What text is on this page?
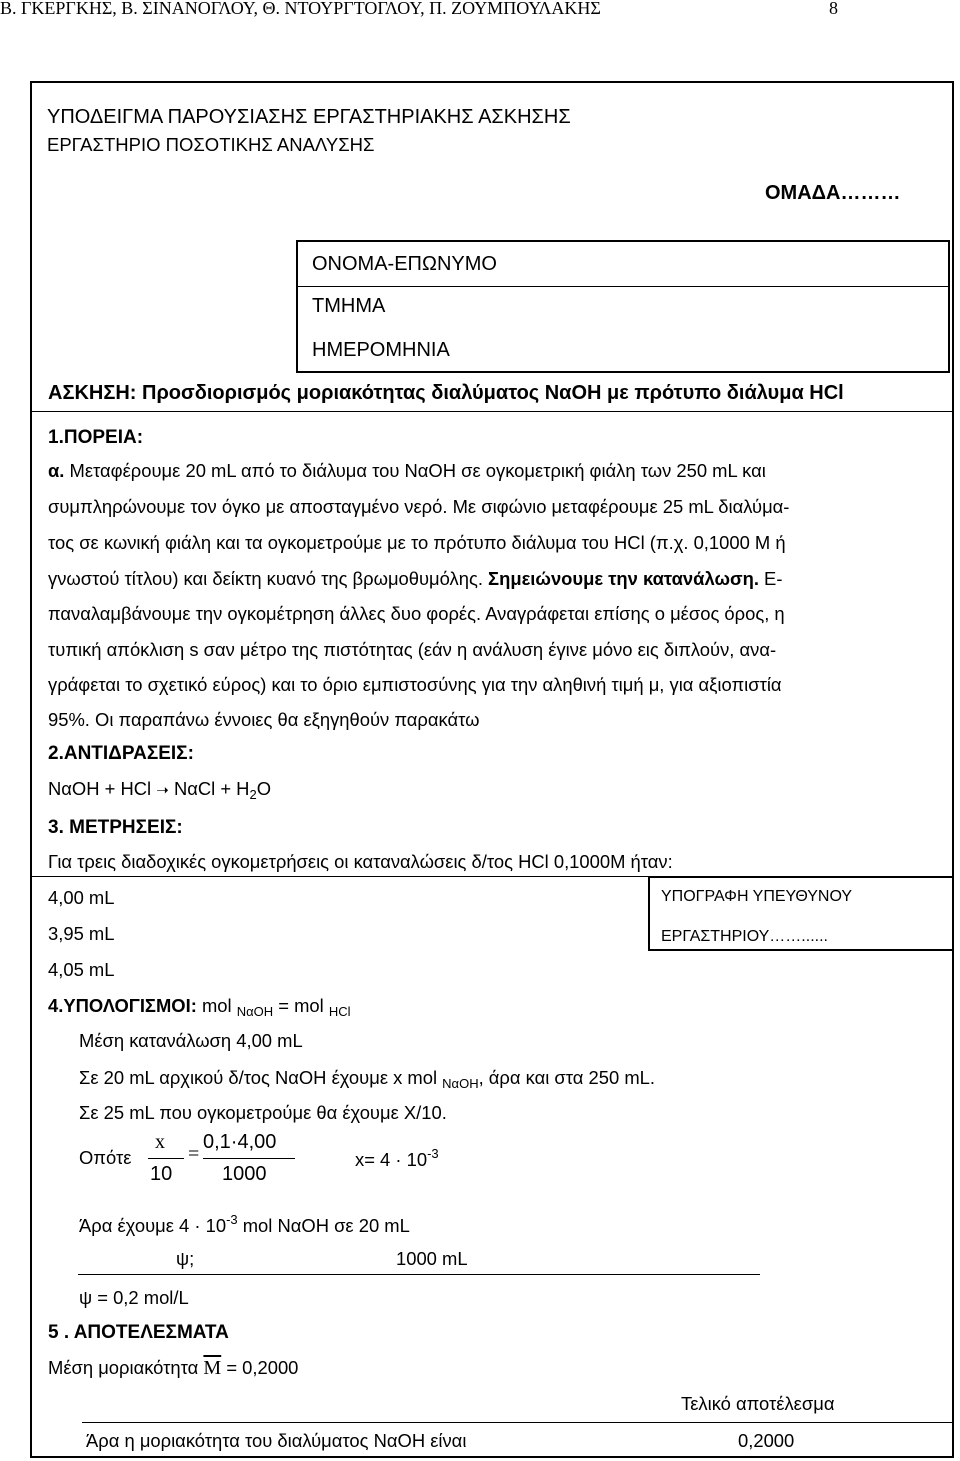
Β. ΓΚΕΡΓΚΗΣ, Β. ΣΙΝΑΝΟΓΛΟΥ, Θ. ΝΤΟΥΡΓΤΟΓΛΟΥ, Π. ΖΟΥΜΠΟΥΛΑΚΗΣ	8
ΥΠΟΔΕΙΓΜΑ ΠΑΡΟΥΣΙΑΣΗΣ ΕΡΓΑΣΤΗΡΙΑΚΗΣ ΑΣΚΗΣΗΣ
ΕΡΓΑΣΤΗΡΙΟ ΠΟΣΟΤΙΚΗΣ ΑΝΑΛΥΣΗΣ
ΟΜΑΔΑ………
ΟΝΟΜΑ-ΕΠΩΝΥΜΟ
ΤΜΗΜΑ
ΗΜΕΡΟΜΗΝΙΑ
ΑΣΚΗΣΗ: Προσδιορισμός μοριακότητας διαλύματος ΝαΟΗ με πρότυπο διάλυμα HCl
1.ΠΟΡΕΙΑ:
α. Μεταφέρουμε 20 mL από το διάλυμα του ΝαΟΗ σε ογκομετρική φιάλη των 250 mL και
συμπληρώνουμε τον όγκο με αποσταγμένο νερό. Με σιφώνιο μεταφέρουμε 25 mL διαλύμα-
τος σε κωνική φιάλη και τα ογκομετρούμε με το πρότυπο διάλυμα του HCl (π.χ. 0,1000 Μ ή
γνωστού τίτλου) και δείκτη κυανό της βρωμοθυμόλης. Σημειώνουμε την κατανάλωση. Ε-
παναλαμβάνουμε την ογκομέτρηση άλλες δυο φορές. Αναγράφεται επίσης ο μέσος όρος, η
τυπική απόκλιση s σαν μέτρο της πιστότητας (εάν η ανάλυση έγινε μόνο εις διπλούν, ανα-
γράφεται το σχετικό εύρος) και το όριο εμπιστοσύνης για την αληθινή τιμή μ, για αξιοπιστία
95%. Οι παραπάνω έννοιες θα εξηγηθούν παρακάτω
2.ΑΝΤΙΔΡΑΣΕΙΣ:
ΝαΟΗ + HCl ➝ $N\alpha Cl + H_2O$
3. ΜΕΤΡΗΣΕΙΣ:
Για τρεις διαδοχικές ογκομετρήσεις οι καταναλώσεις δ/τος HCl 0,1000M ήταν:
4,00 mL
3,95 mL
4,05 mL
ΥΠΟΓΡΑΦΗ ΥΠΕΥΘΥΝΟΥ
ΕΡΓΑΣΤΗΡΙΟΥ……......
4.ΥΠΟΛΟΓΙΣΜΟΙ: mol $_{N\alpha OH}$ = mol $_{HCl}$
Μέση κατανάλωση 4,00 mL
Σε 20 mL αρχικού δ/τος ΝαΟΗ έχουμε x mol $_{N\alpha OH}$, άρα και στα 250 mL.
Σε 25 mL που ογκομετρούμε θα έχουμε Χ/10.
Οπότε
x
10
=
0,1·4,00
1000
$x= 4 \cdot 10^{-3}$
Άρα έχουμε $4 \cdot 10^{-3}$ mol ΝαΟΗ σε 20 mL
ψ;	1000 mL
ψ = 0,2 mol/L
5 . ΑΠΟΤΕΛΕΣΜΑΤΑ
Μέση μοριακότητα $\overline{M} = 0,2000$
Τελικό αποτέλεσμα
Άρα η μοριακότητα του διαλύματος ΝαΟΗ είναι	0,2000
